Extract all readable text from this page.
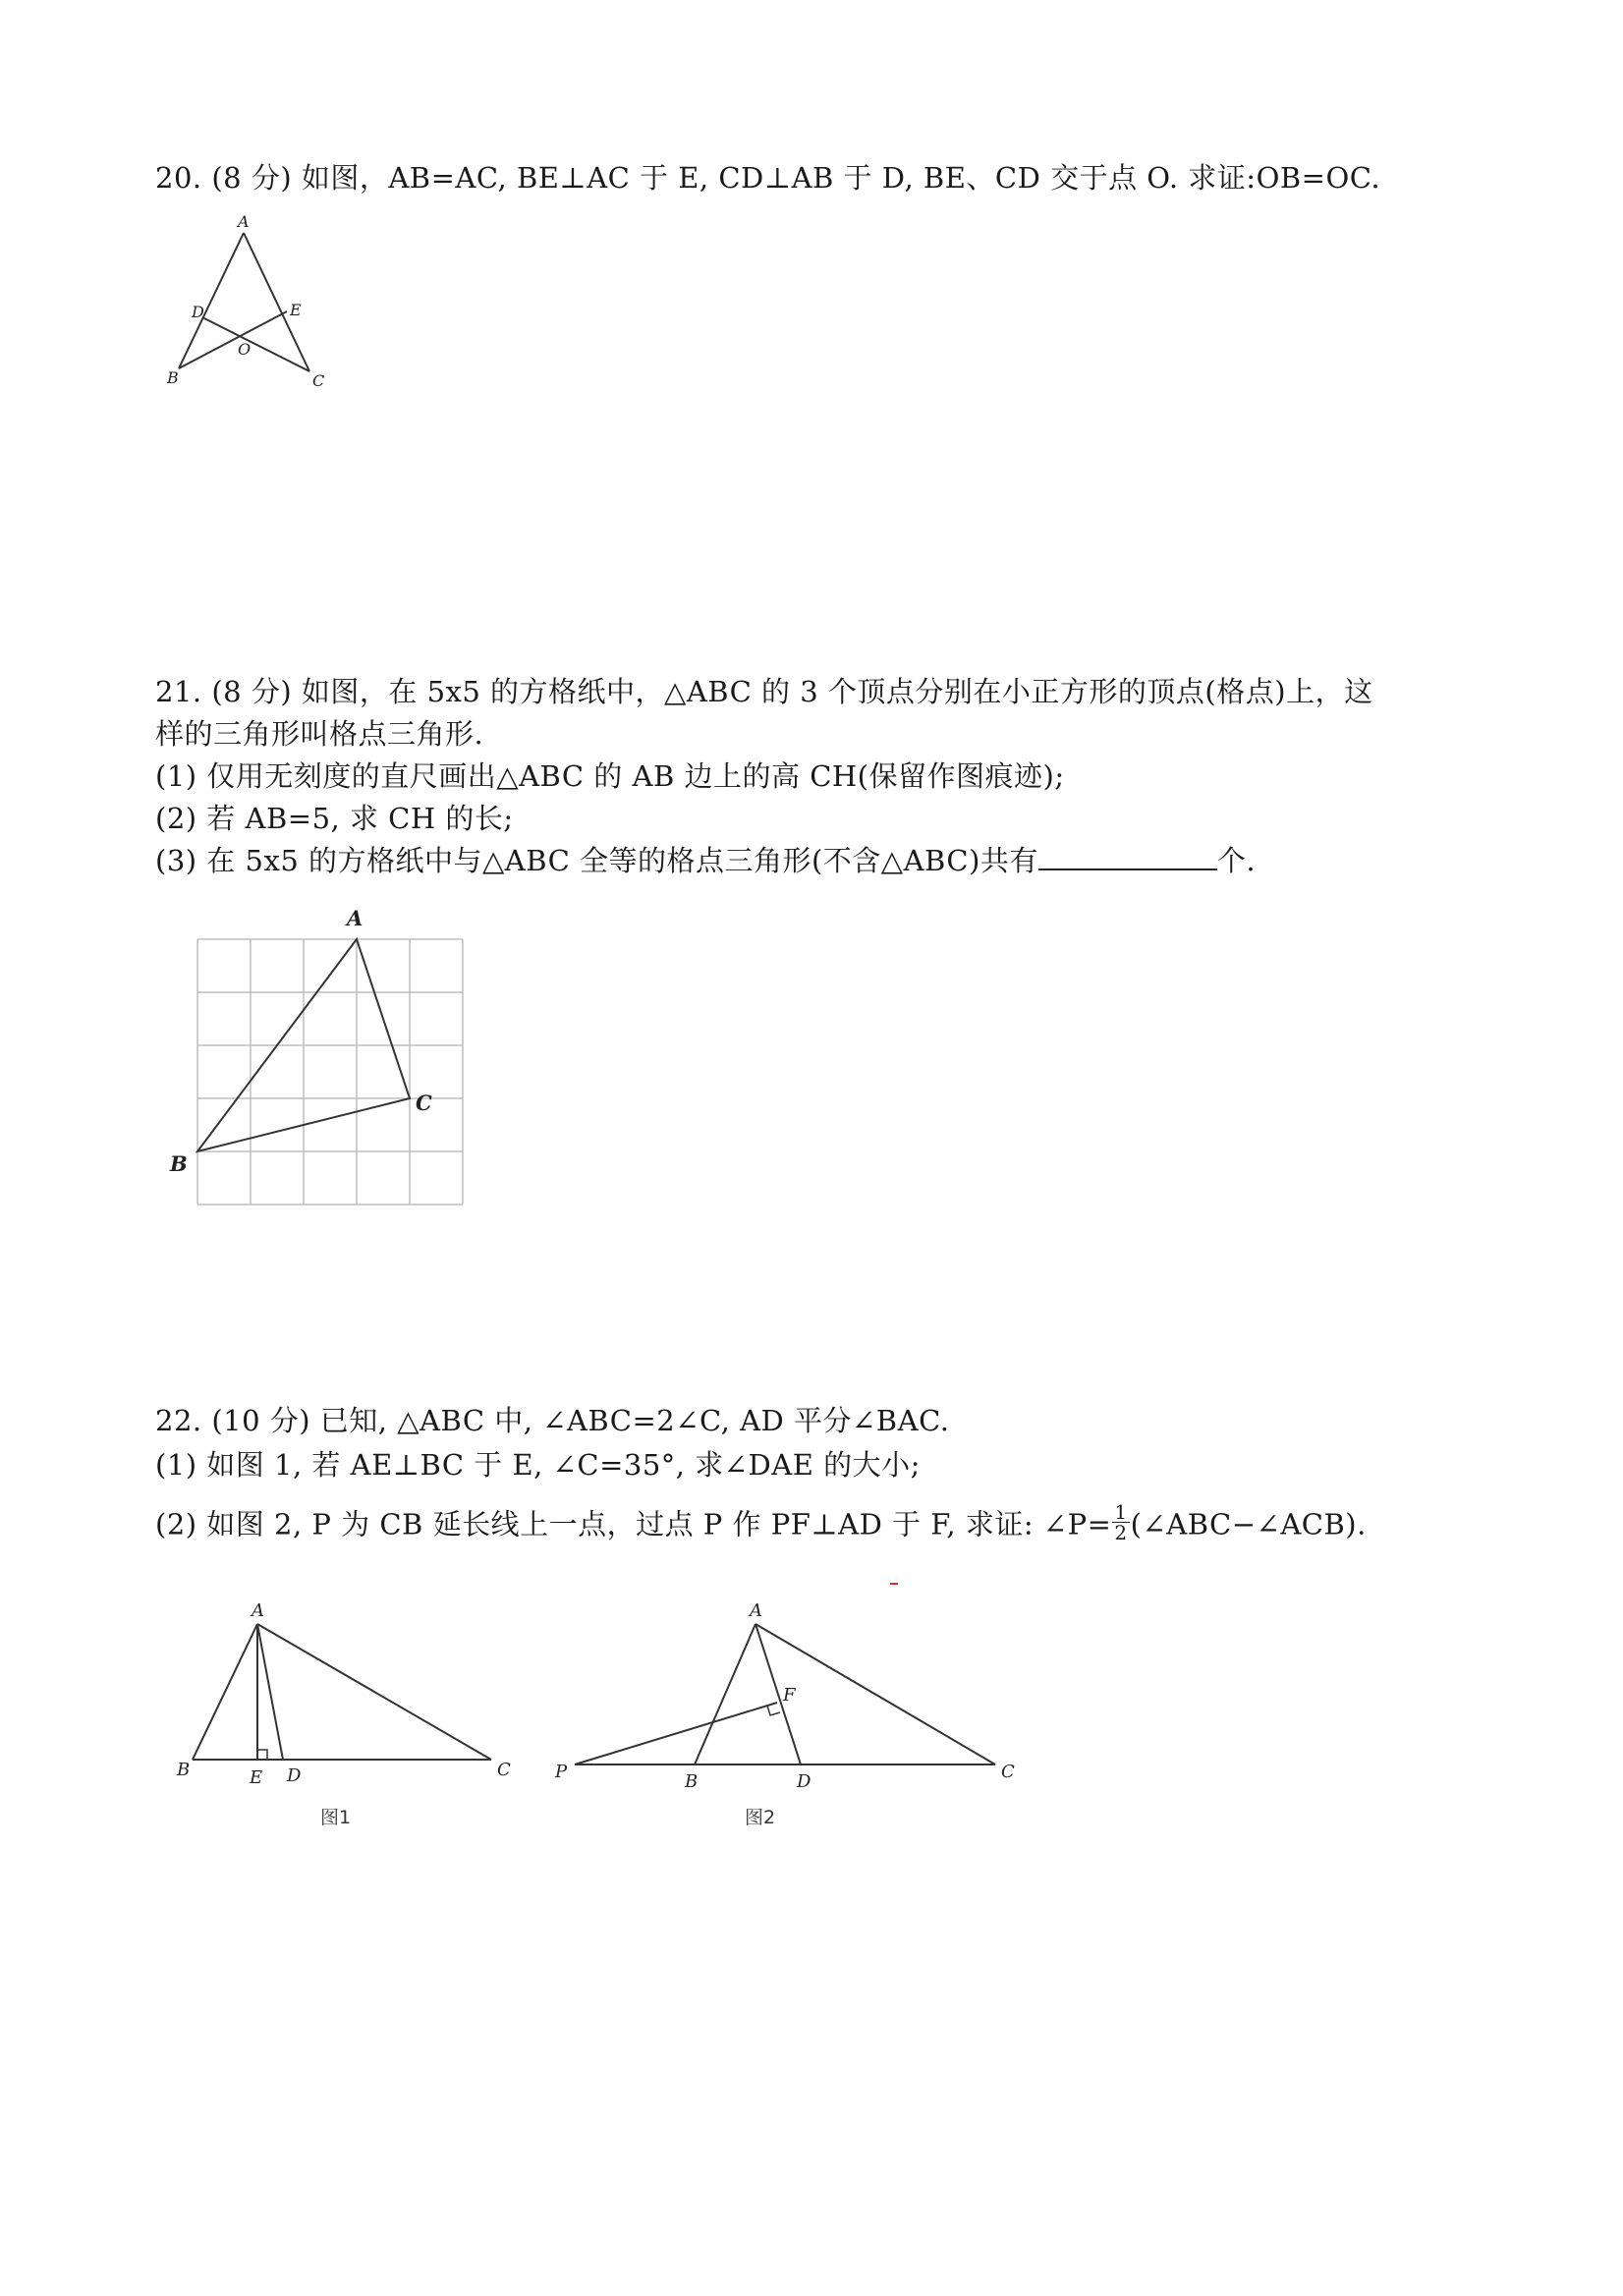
20. (8 分) 如图，AB=AC, BE⊥AC 于 E, CD⊥AB 于 D, BE、CD 交于点 O. 求证:OB=OC.
A
D	E
O
B	C
21. (8 分) 如图，在 5x5 的方格纸中，△ABC 的 3 个顶点分别在小正方形的顶点(格点)上，这
样的三角形叫格点三角形.
(1) 仅用无刻度的直尺画出△ABC 的 AB 边上的高 CH(保留作图痕迹);
(2) 若 AB=5, 求 CH 的长;
(3) 在 5x5 的方格纸中与△ABC 全等的格点三角形(不含△ABC)共有	个.
A
B
C
22. (10 分) 已知, △ABC 中, ∠ABC=2∠C, AD 平分∠BAC.
(1) 如图 1, 若 AE⊥BC 于 E, ∠C=35°, 求∠DAE 的大小;
(2) 如图 2, P 为 CB 延长线上一点，过点 P 作 PF⊥AD 于 F, 求证: ∠P= $\frac{1}{2}$ (∠ABC−∠ACB).
A
B	E D	C
图1
A
F
P	B	D	C
图2
